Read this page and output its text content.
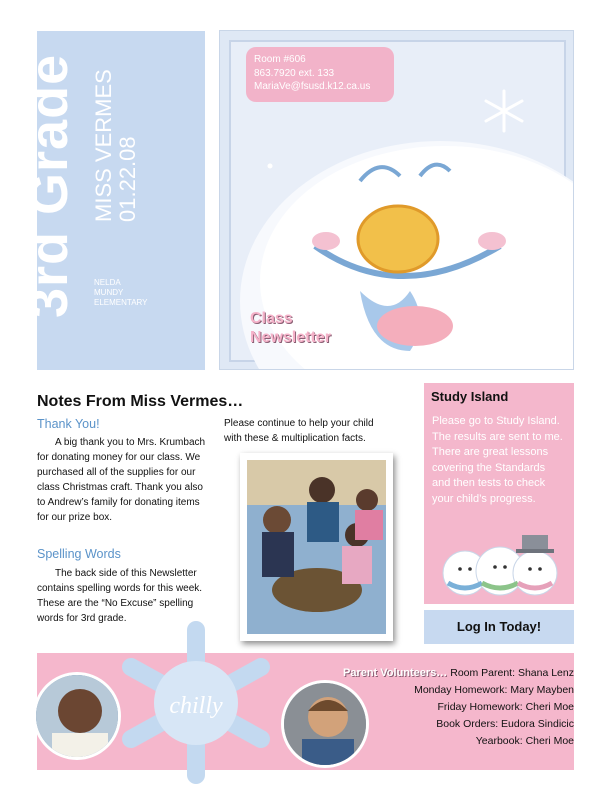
3rd Grade MISS VERMES 01.22.08
NELDA
MUNDY
ELEMENTARY
Room #606
863.7920 ext. 133
MariaVe@fsusd.k12.ca.us
Class
Newsletter
Notes From Miss Vermes…
Thank You!
A big thank you to Mrs. Krumbach for donating money for our class. We purchased all of the supplies for our class Christmas craft. Thank you also to Andrew’s family for donating items for our prize box.
Spelling Words
The back side of this Newsletter contains spelling words for this week. These are the “No Excuse” spelling words for 3rd grade.
Please continue to help your child with these & multiplication facts.
Study Island
Please go to Study Island. The results are sent to me. There are great lessons covering the Standards and then tests to check your child’s progress.
Log In Today!
chilly
Parent Volunteers… Room Parent: Shana Lenz
Monday Homework: Mary Mayben
Friday Homework: Cheri Moe
Book Orders: Eudora Sindicic
Yearbook: Cheri Moe
